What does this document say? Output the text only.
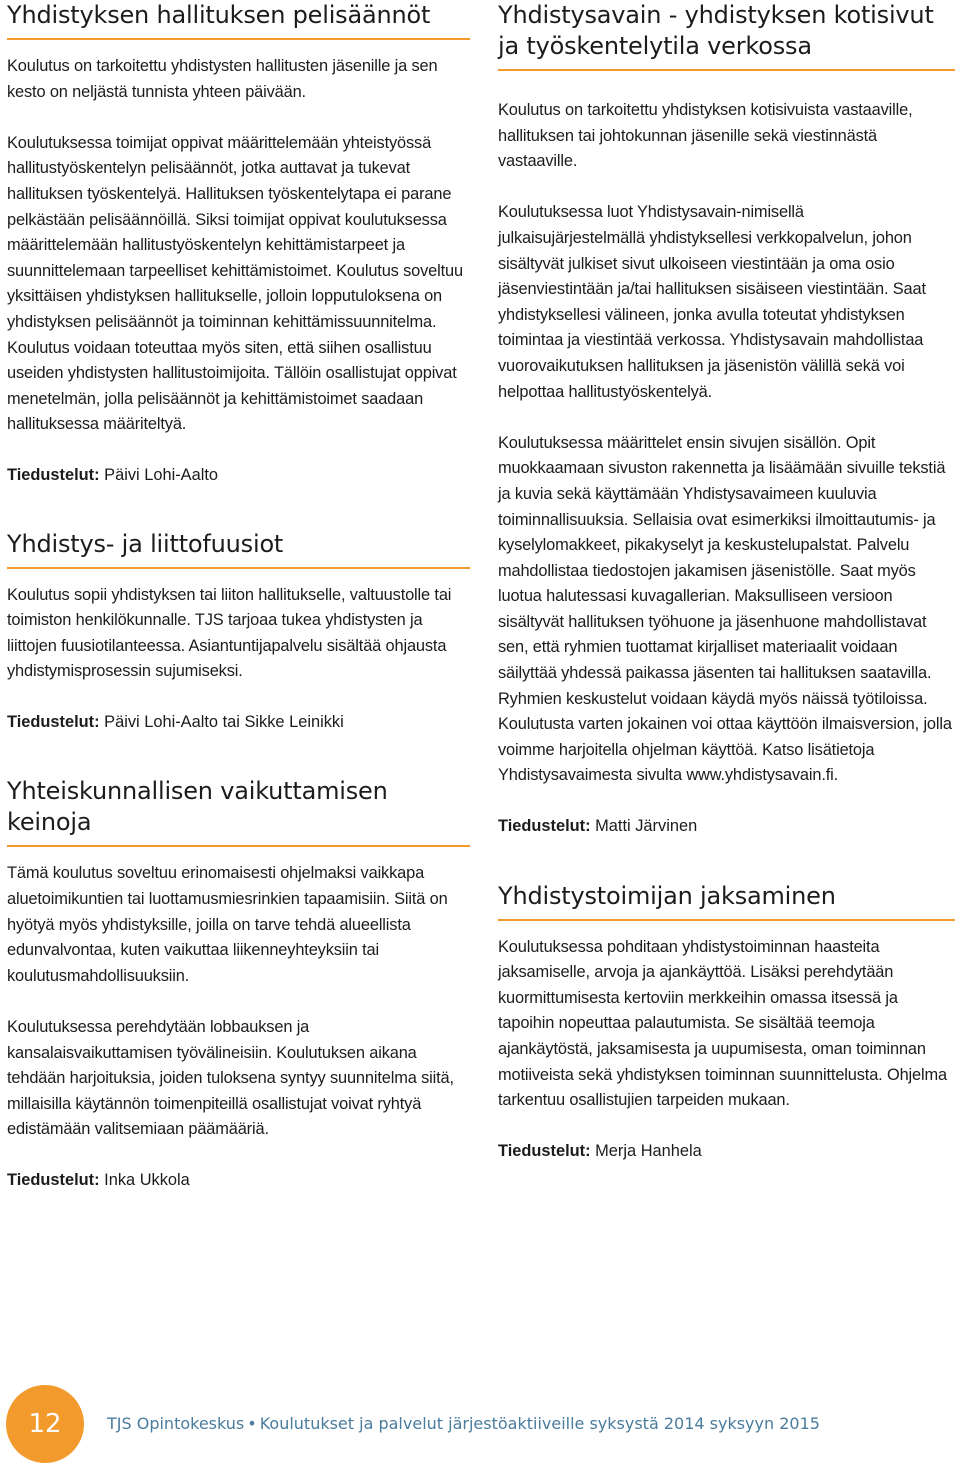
Yhdistyksen hallituksen pelisäännöt

Koulutus on tarkoitettu yhdistysten hallitusten jäsenille ja sen kesto on neljästä tunnista yhteen päivään.

Koulutuksessa toimijat oppivat määrittelemään yhteistyössä hallitustyöskentelyn pelisäännöt, jotka auttavat ja tukevat hallituksen työskentelyä. Hallituksen työskentelytapa ei parane pelkästään pelisäännöillä. Siksi toimijat oppivat koulutuksessa määrittelemään hallitustyöskentelyn kehittämistarpeet ja suunnittelemaan tarpeelliset kehittämistoimet. Koulutus soveltuu yksittäisen yhdistyksen hallitukselle, jolloin lopputuloksena on yhdistyksen pelisäännöt ja toiminnan kehittämissuunnitelma. Koulutus voidaan toteuttaa myös siten, että siihen osallistuu useiden yhdistysten hallitustoimijoita. Tällöin osallistujat oppivat menetelmän, jolla pelisäännöt ja kehittämistoimet saadaan hallituksessa määriteltyä.

Tiedustelut: Päivi Lohi-Aalto
Yhdistys- ja liittofuusiot

Koulutus sopii yhdistyksen tai liiton hallitukselle, valtuustolle tai toimiston henkilökunnalle. TJS tarjoaa tukea yhdistysten ja liittojen fuusiotilanteessa. Asiantuntijapalvelu sisältää ohjausta yhdistymisprosessin sujumiseksi.

Tiedustelut: Päivi Lohi-Aalto tai Sikke Leinikki
Yhteiskunnallisen vaikuttamisen keinoja

Tämä koulutus soveltuu erinomaisesti ohjelmaksi vaikkapa aluetoimikuntien tai luottamusmiesrinkien tapaamisiin. Siitä on hyötyä myös yhdistyksille, joilla on tarve tehdä alueellista edunvalvontaa, kuten vaikuttaa liikenneyhteyksiin tai koulutusmahdollisuuksiin.

Koulutuksessa perehdytään lobbauksen ja kansalaisvaikuttamisen työvälineisiin. Koulutuksen aikana tehdään harjoituksia, joiden tuloksena syntyy suunnitelma siitä, millaisilla käytännön toimenpiteillä osallistujat voivat ryhtyä edistämään valitsemiaan päämääriä.

Tiedustelut: Inka Ukkola
Yhdistysavain - yhdistyksen kotisivut ja työskentelytila verkossa

Koulutus on tarkoitettu yhdistyksen kotisivuista vastaaville, hallituksen tai johtokunnan jäsenille sekä viestinnästä vastaaville.

Koulutuksessa luot Yhdistysavain-nimisellä julkaisujärjestelmällä yhdistyksellesi verkkopalvelun, johon sisältyvät julkiset sivut ulkoiseen viestintään ja oma osio jäsenviestintään ja/tai hallituksen sisäiseen viestintään. Saat yhdistyksellesi välineen, jonka avulla toteutat yhdistyksen toimintaa ja viestintää verkossa. Yhdistysavain mahdollistaa vuorovaikutuksen hallituksen ja jäsenistön välillä sekä voi helpottaa hallitustyöskentelyä.

Koulutuksessa määrittelet ensin sivujen sisällön. Opit muokkaamaan sivuston rakennetta ja lisäämään sivuille tekstiä ja kuvia sekä käyttämään Yhdistysavaimeen kuuluvia toiminnallisuuksia. Sellaisia ovat esimerkiksi ilmoittautumis- ja kyselylomakkeet, pikakyselyt ja keskustelupalstat. Palvelu mahdollistaa tiedostojen jakamisen jäsenistölle. Saat myös luotua halutessasi kuvagallerian. Maksulliseen versioon sisältyvät hallituksen työhuone ja jäsenhuone mahdollistavat sen, että ryhmien tuottamat kirjalliset materiaalit voidaan säilyttää yhdessä paikassa jäsenten tai hallituksen saatavilla. Ryhmien keskustelut voidaan käydä myös näissä työtiloissa. Koulutusta varten jokainen voi ottaa käyttöön ilmaisversion, jolla voimme harjoitella ohjelman käyttöä. Katso lisätietoja Yhdistysavaimesta sivulta www.yhdistysavain.fi.

Tiedustelut: Matti Järvinen
Yhdistystoimijan jaksaminen

Koulutuksessa pohditaan yhdistystoiminnan haasteita jaksamiselle, arvoja ja ajankäyttöä. Lisäksi perehdytään kuormittumisesta kertoviin merkkeihin omassa itsessä ja tapoihin nopeuttaa palautumista. Se sisältää teemoja ajankäytöstä, jaksamisesta ja uupumisesta, oman toiminnan motiiveista sekä yhdistyksen toiminnan suunnittelusta. Ohjelma tarkentuu osallistujien tarpeiden mukaan.

Tiedustelut: Merja Hanhela
12	TJS Opintokeskus • Koulutukset ja palvelut järjestöaktiiveille syksystä 2014 syksyyn 2015
